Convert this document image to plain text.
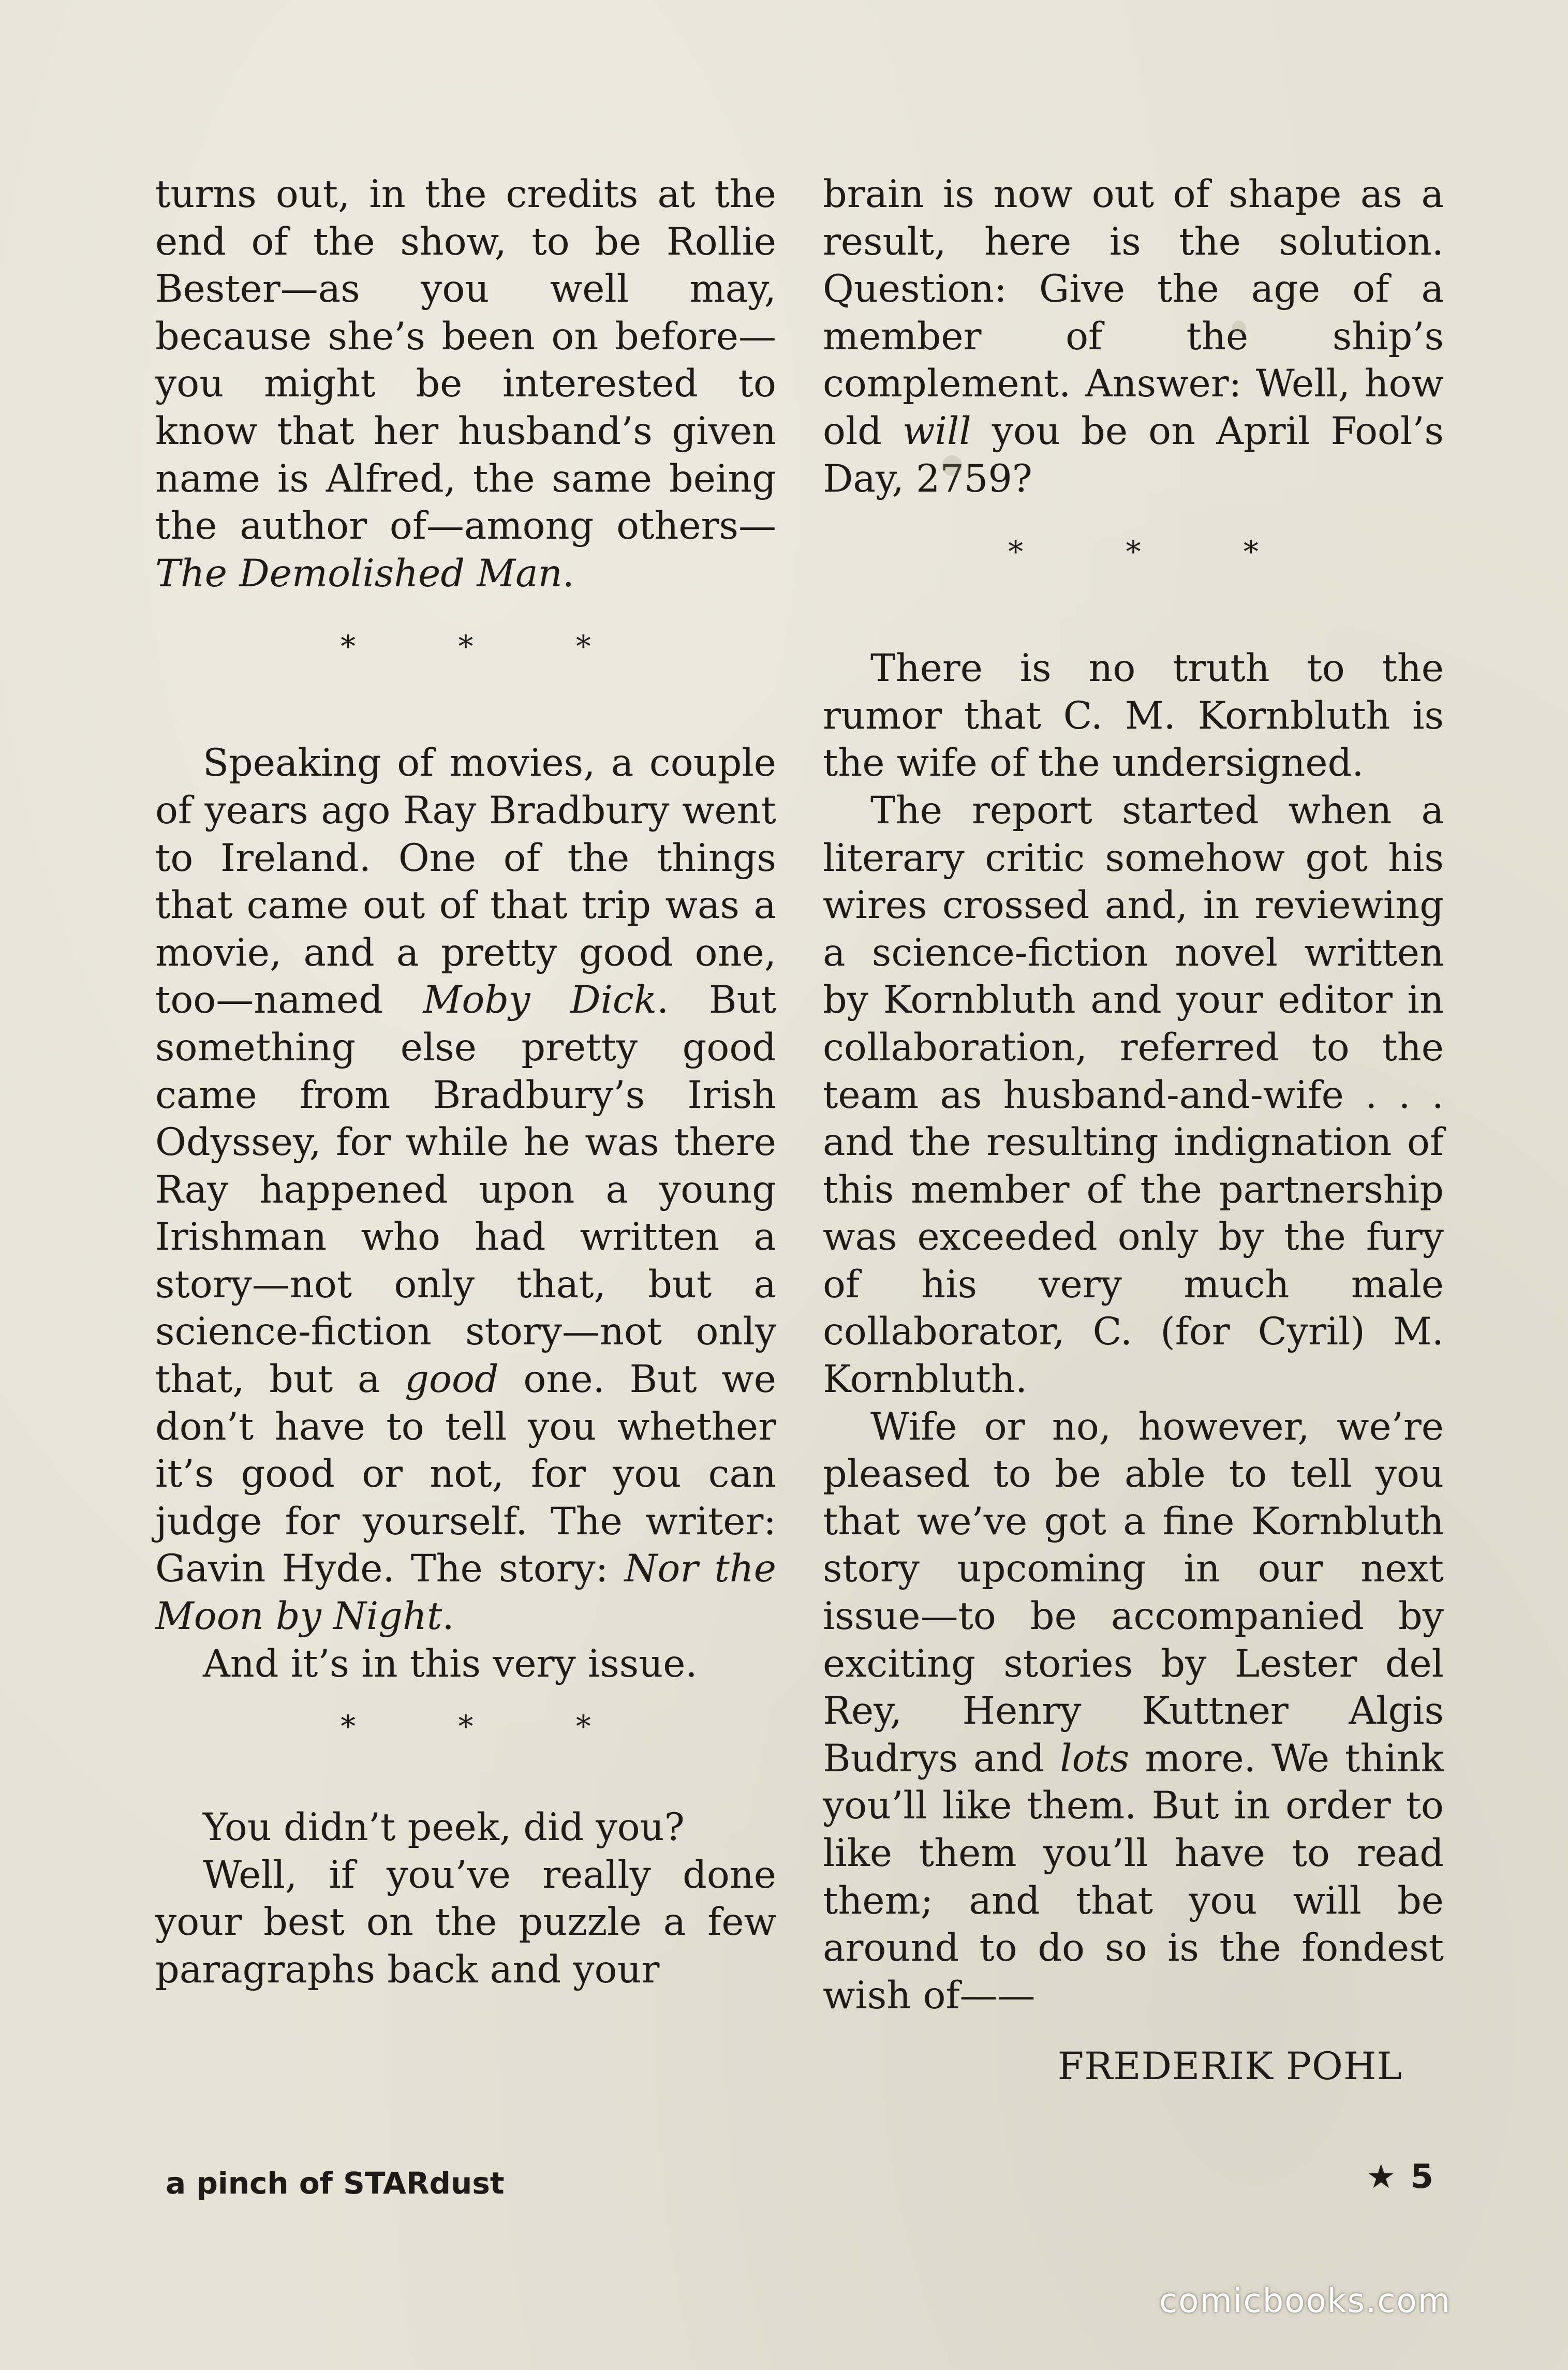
turns out, in the credits at the end of the show, to be Rollie Bester—as you well may, because she’s been on before—you might be interested to know that her husband’s given name is Alfred, the same being the author of—among others—The Demolished Man.

* * *

Speaking of movies, a couple of years ago Ray Bradbury went to Ireland. One of the things that came out of that trip was a movie, and a pretty good one, too—named Moby Dick. But something else pretty good came from Bradbury’s Irish Odyssey, for while he was there Ray happened upon a young Irishman who had written a story—not only that, but a science-fiction story—not only that, but a good one. But we don’t have to tell you whether it’s good or not, for you can judge for yourself. The writer: Gavin Hyde. The story: Nor the Moon by Night.

And it’s in this very issue.

* * *

You didn’t peek, did you?

Well, if you’ve really done your best on the puzzle a few paragraphs back and your

brain is now out of shape as a result, here is the solution. Question: Give the age of a member of the ship’s complement. Answer: Well, how old will you be on April Fool’s Day, 2759?

* * *

There is no truth to the rumor that C. M. Kornbluth is the wife of the undersigned.

The report started when a literary critic somehow got his wires crossed and, in reviewing a science-fiction novel written by Kornbluth and your editor in collaboration, referred to the team as husband-and-wife . . . and the resulting indignation of this member of the partnership was exceeded only by the fury of his very much male collaborator, C. (for Cyril) M. Kornbluth.

Wife or no, however, we’re pleased to be able to tell you that we’ve got a fine Kornbluth story upcoming in our next issue—to be accompanied by exciting stories by Lester del Rey, Henry Kuttner Algis Budrys and lots more. We think you’ll like them. But in order to like them you’ll have to read them; and that you will be around to do so is the fondest wish of——

FREDERIK POHL

a pinch of STARdust	★ 5
comicbooks.com
